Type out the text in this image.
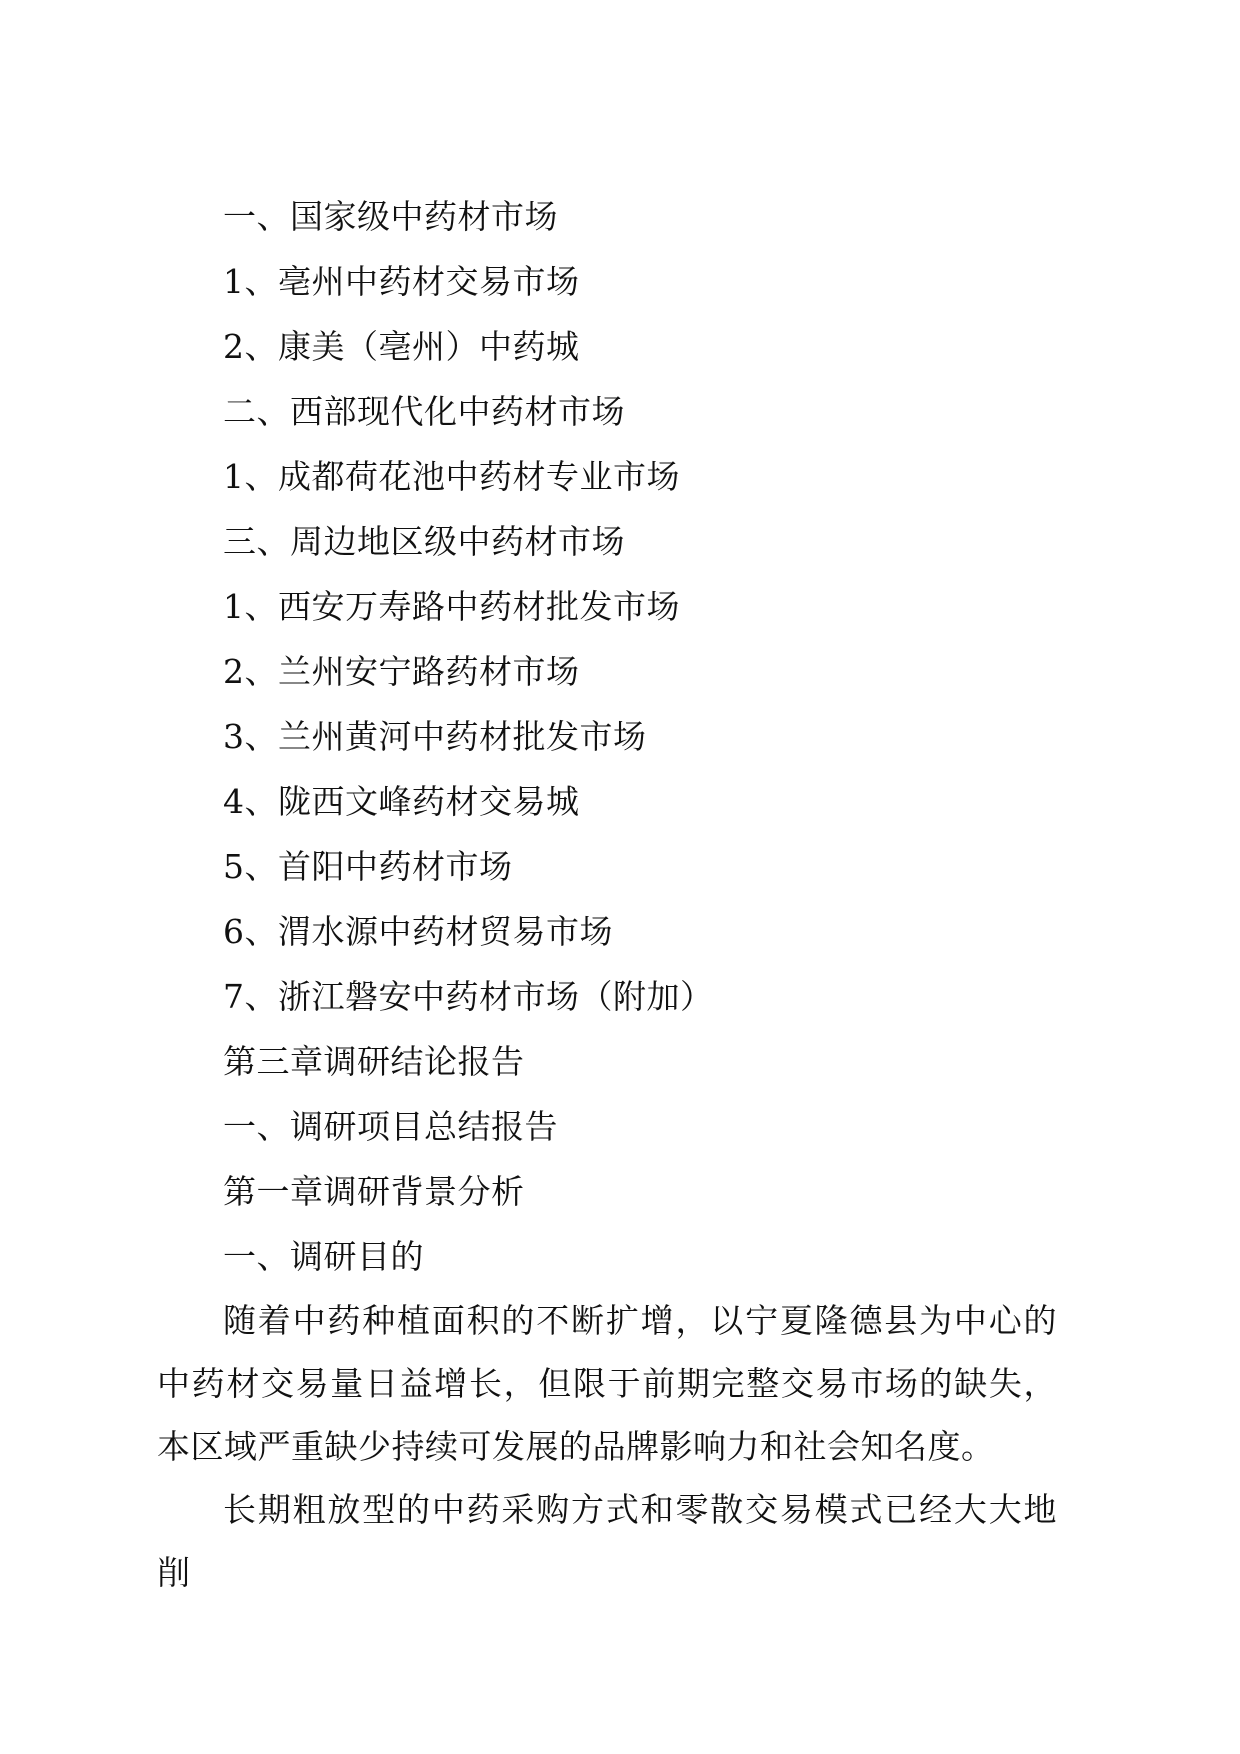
一、国家级中药材市场
1、亳州中药材交易市场
2、康美（亳州）中药城
二、西部现代化中药材市场
1、成都荷花池中药材专业市场
三、周边地区级中药材市场
1、西安万寿路中药材批发市场
2、兰州安宁路药材市场
3、兰州黄河中药材批发市场
4、陇西文峰药材交易城
5、首阳中药材市场
6、渭水源中药材贸易市场
7、浙江磐安中药材市场（附加）
第三章调研结论报告
一、调研项目总结报告
第一章调研背景分析
一、调研目的

随着中药种植面积的不断扩增，以宁夏隆德县为中心的中药材交易量日益增长，但限于前期完整交易市场的缺失，本区域严重缺少持续可发展的品牌影响力和社会知名度。

长期粗放型的中药采购方式和零散交易模式已经大大地削
